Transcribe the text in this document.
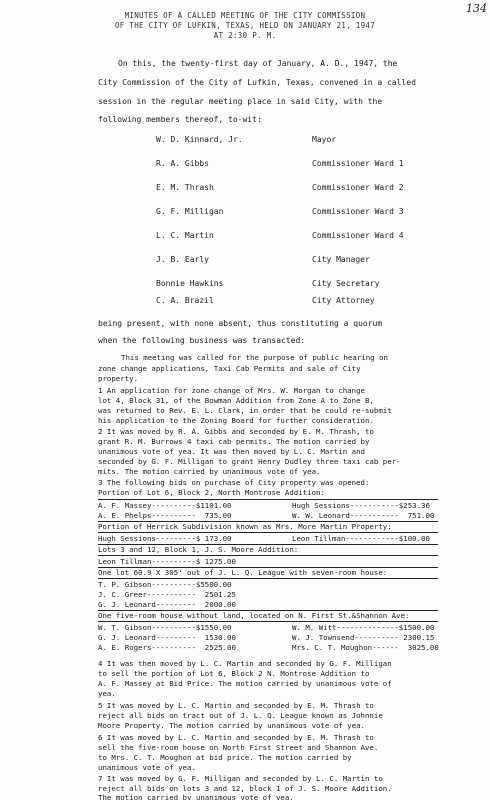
134
MINUTES OF A CALLED MEETING OF THE CITY COMMISSION
OF THE CITY OF LUFKIN, TEXAS, HELD ON JANUARY 21, 1947
AT 2:30 P. M.
On this, the twenty-first day of January, A. D., 1947, the
City Commission of the City of Lufkin, Texas, convened in a called
session in the regular meeting place in said City, with the
following members thereof, to-wit:
W. D. Kinnard, Jr.	Mayor
R. A. Gibbs	Commissioner Ward 1
E. M. Thrash	Commissioner Ward 2
G. F. Milligan	Commissioner Ward 3
L. C. Martin	Commissioner Ward 4
J. B. Early	City Manager
Bonnie Hawkins	City Secretary
C. A. Brazil	City Attorney
being present, with none absent, thus constituting a quorum
when the following business was transacted:
This meeting was called for the purpose of public hearing on
zone change applications, Taxi Cab Permits and sale of City
property.
1 An application for zone change of Mrs. W. Morgan to change
lot 4, Block 31, of the Bowman Addition from Zone A to Zone B,
was returned to Rev. E. L. Clark, in order that he could re-submit
his application to the Zoning Board for further consideration.
2 It was moved by R. A. Gibbs and seconded by E. M. Thrash, to
grant R. M. Burrows 4 taxi cab permits. The motion carried by
unanimous vote of yea. It was then moved by L. C. Martin and
seconded by G. F. Milligan to grant Henry Dudley three taxi cab per-
mits. The motion carried by unanimous vote of yea.
3 The following bids on purchase of City property was opened:
Portion of Lot 6, Block 2, North Montrose Addition:
A. F. Massey----------$1101.00	Hugh Sessions-----------$253.36
A. E. Phelps----------  735.00	W. W. Leonard-----------  751.00
Portion of Herrick Subdivision known as Mrs. More Martin Property:
Hugh Sessions---------$ 173.00	Leon Tillman------------$100.00
Lots 3 and 12, Block 1, J. S. Moore Addition:
Leon Tillman----------$ 1275.00
One lot 60.9 X 305' out of J. L. Q. League with seven-room house:
T. P. Gibson----------$5500.00
J. C. Greer-----------  2501.25
G. J. Leonard---------  2000.00
One five-room house without land, located on N. First St.&Shannon Ave:
W. T. Gibson----------$1550.00	W. M. Witt--------------$1500.00
G. J. Leonard---------  1530.00	W. J. Townsend---------- 2300.15
A. E. Rogers----------  2525.00	Mrs. C. T. Moughon------  3025.00
4 It was then moved by L. C. Martin and seconded by G. F. Milligan
to sell the portion of Lot 6, Block 2 N. Montrose Addition to
A. F. Massey at Bid Price. The motion carried by unanimous vote of
yea.
5 It was moved by L. C. Martin and seconded by E. M. Thrash to
reject all bids on tract out of J. L. Q. League known as Johnnie
Moore Property. The motion carried by unanimous vote of yea.
6 It was moved by L. C. Martin and seconded by E. M. Thrash to
sell the five-room house on North First Street and Shannon Ave.
to Mrs. C. T. Moughon at bid price. The motion carried by
unanimous vote of yea.
7 It was moved by G. F. Milligan and seconded by L. C. Martin to
reject all bids on lots 3 and 12, block 1 of J. S. Moore Addition.
The motion carried by unanimous vote of yea.
